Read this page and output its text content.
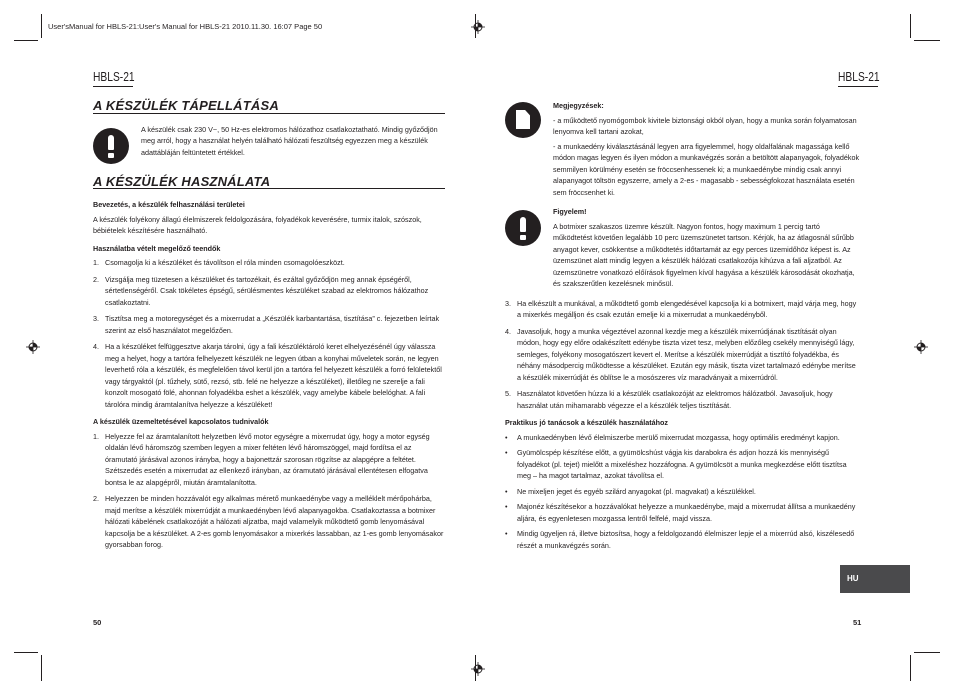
User'sManual for HBLS-21:User's Manual for HBLS-21 2010.11.30. 16:07 Page 50
HBLS-21	HBLS-21
A KÉSZÜLÉK TÁPELLÁTÁSA

A készülék csak 230 V~, 50 Hz-es elektromos hálózathoz csatlakoztatható. Mindig győződjön meg arról, hogy a használat helyén található hálózati feszültség egyezzen meg a készülék adattábláján feltüntetett értékkel.

A KÉSZÜLÉK HASZNÁLATA
Bevezetés, a készülék felhasználási területei

A készülék folyékony állagú élelmiszerek feldolgozására, folyadékok keverésére, turmix italok, szószok, bébiételek készítésére használható.

Használatba vételt megelőző teendők
1. Csomagolja ki a készüléket és távolítson el róla minden csomagolóeszközt.
2. Vizsgálja meg tüzetesen a készüléket és tartozékait, és ezáltal győződjön meg annak épségéről, sértetlenségéről. Csak tökéletes épségű, sérülésmentes készüléket szabad az elektromos hálózathoz csatlakoztatni.
3. Tisztítsa meg a motoregységet és a mixerrudat a „Készülék karbantartása, tisztítása” c. fejezetben leírtak szerint az első használatot megelőzően.
4. Ha a készüléket felfüggesztve akarja tárolni, úgy a fali készüléktároló keret elhelyezésénél úgy válassza meg a helyet, hogy a tartóra felhelyezett készülék ne legyen útban a konyhai műveletek során, ne legyen leverhető róla a készülék, és megfelelően távol kerül jön a tartóra fel helyezett készülék a forró felületektől vagy tárgyaktól (pl. tűzhely, sütő, rezsó, stb. felé ne helyezze a készüléket), illetőleg ne szerelje a fali konzolt mosogató fölé, ahonnan folyadékba eshet a készülék, vagy amelybe kábele belelóghat. A fali tárolóra mindig áramtalanítva helyezze a készüléket!
A készülék üzemeltetésével kapcsolatos tudnivalók
1. Helyezze fel az áramtalanított helyzetben lévő motor egységre a mixerrudat úgy, hogy a motor egység oldalán lévő háromszög szemben legyen a mixer feltéten lévő háromszöggel, majd fordítsa el az óramutató járásával azonos irányba, hogy a bajonettzár szorosan rögzítse az alapgépre a feltétet. Szétszedés esetén a mixerrudat az ellenkező irányban, az óramutató járásával ellentétesen elfogatva bontsa le az alapgépről, miután áramtalanította.
2. Helyezzen be minden hozzávalót egy alkalmas mérető munkaedénybe vagy a melléklelt mérőpohárba, majd merítse a készülék mixerrúdját a munkaedényben lévő alapanyagokba. Csatlakoztassa a botmixer hálózati kábelének csatlakozóját a hálózati aljzatba, majd valamelyik működtető gomb lenyomásával kapcsolja be a készüléket. A 2-es gomb lenyomásakor a mixerkés lassabban, az 1-es gomb lenyomásakor gyorsabban forog.
50
Megjegyzések:

- a működtető nyomógombok kivitele biztonsági okból olyan, hogy a munka során folyamatosan lenyomva kell tartani azokat,

- a munkaedény kiválasztásánál legyen arra figyelemmel, hogy oldalfalának magassága kellő módon magas legyen és ilyen módon a munkavégzés során a betöltött alapanyagok, folyadékok semmilyen körülmény esetén se fröccsenhessenek ki; a munkaedénybe mindig csak annyi alapanyagot töltsön egyszerre, amely a 2-es - magasabb - sebességfokozat használata esetén sem fröccsenhet ki.

Figyelem!

A botmixer szakaszos üzemre készült. Nagyon fontos, hogy maximum 1 percig tartó működtetést követően legalább 10 perc üzemszünetet tartson. Kérjük, ha az átlagosnál sűrűbb anyagot kever, csökkentse a működtetés időtartamát az egy perces üzemidőhöz képest is. Az üzemszünet alatt mindig legyen a készülék hálózati csatlakozója kihúzva a fali aljzatból. Az üzemszünetre vonatkozó előírások figyelmen kívül hagyása a készülék károsodását okozhatja, és szakszerűtlen kezelésnek minősül.

3. Ha elkészült a munkával, a működtető gomb elengedésével kapcsolja ki a botmixert, majd várja meg, hogy a mixerkés megálljon és csak ezután emelje ki a mixerrudat a munkaedényből.
4. Javasoljuk, hogy a munka végeztével azonnal kezdje meg a készülék mixerrúdjának tisztítását olyan módon, hogy egy előre odakészített edénybe tiszta vizet tesz, melyben előzőleg csekély mennyiségű lágy, semleges, folyékony mosogatószert kevert el. Merítse a készülék mixerrúdját a tisztító folyadékba, és néhány másodpercig működtesse a készüléket. Ezután egy másik, tiszta vizet tartalmazó edénybe merítse a készülék mixerrúdját és öblítse le a mosószeres víz maradványait a mixerrúdról.
5. Használatot követően húzza ki a készülék csatlakozóját az elektromos hálózatból. Javasoljuk, hogy használat után mihamarabb végezze el a készülék teljes tisztítását.
Praktikus jó tanácsok a készülék használatához
• A munkaedényben lévő élelmiszerbe merülő mixerrudat mozgassa, hogy optimális eredményt kapjon.
• Gyümölcspép készítése előtt, a gyümölcshúst vágja kis darabokra és adjon hozzá kis mennyiségű folyadékot (pl. tejet) mielőtt a mixeléshez hozzáfogna. A gyümölcsöt a munka megkezdése előtt tisztítsa meg – ha magot tartalmaz, azokat távolítsa el.
• Ne mixeljen jeget és egyéb szilárd anyagokat (pl. magvakat) a készülékkel.
• Majonéz készítésekor a hozzávalókat helyezze a munkaedénybe, majd a mixerrudat állítsa a munkaedény aljára, és egyenletesen mozgassa lentről felfelé, majd vissza.
• Mindig ügyeljen rá, illetve biztosítsa, hogy a feldolgozandó élelmiszer lepje el a mixerrúd alsó, kiszélesedő részét a munkavégzés során.
51
HU
